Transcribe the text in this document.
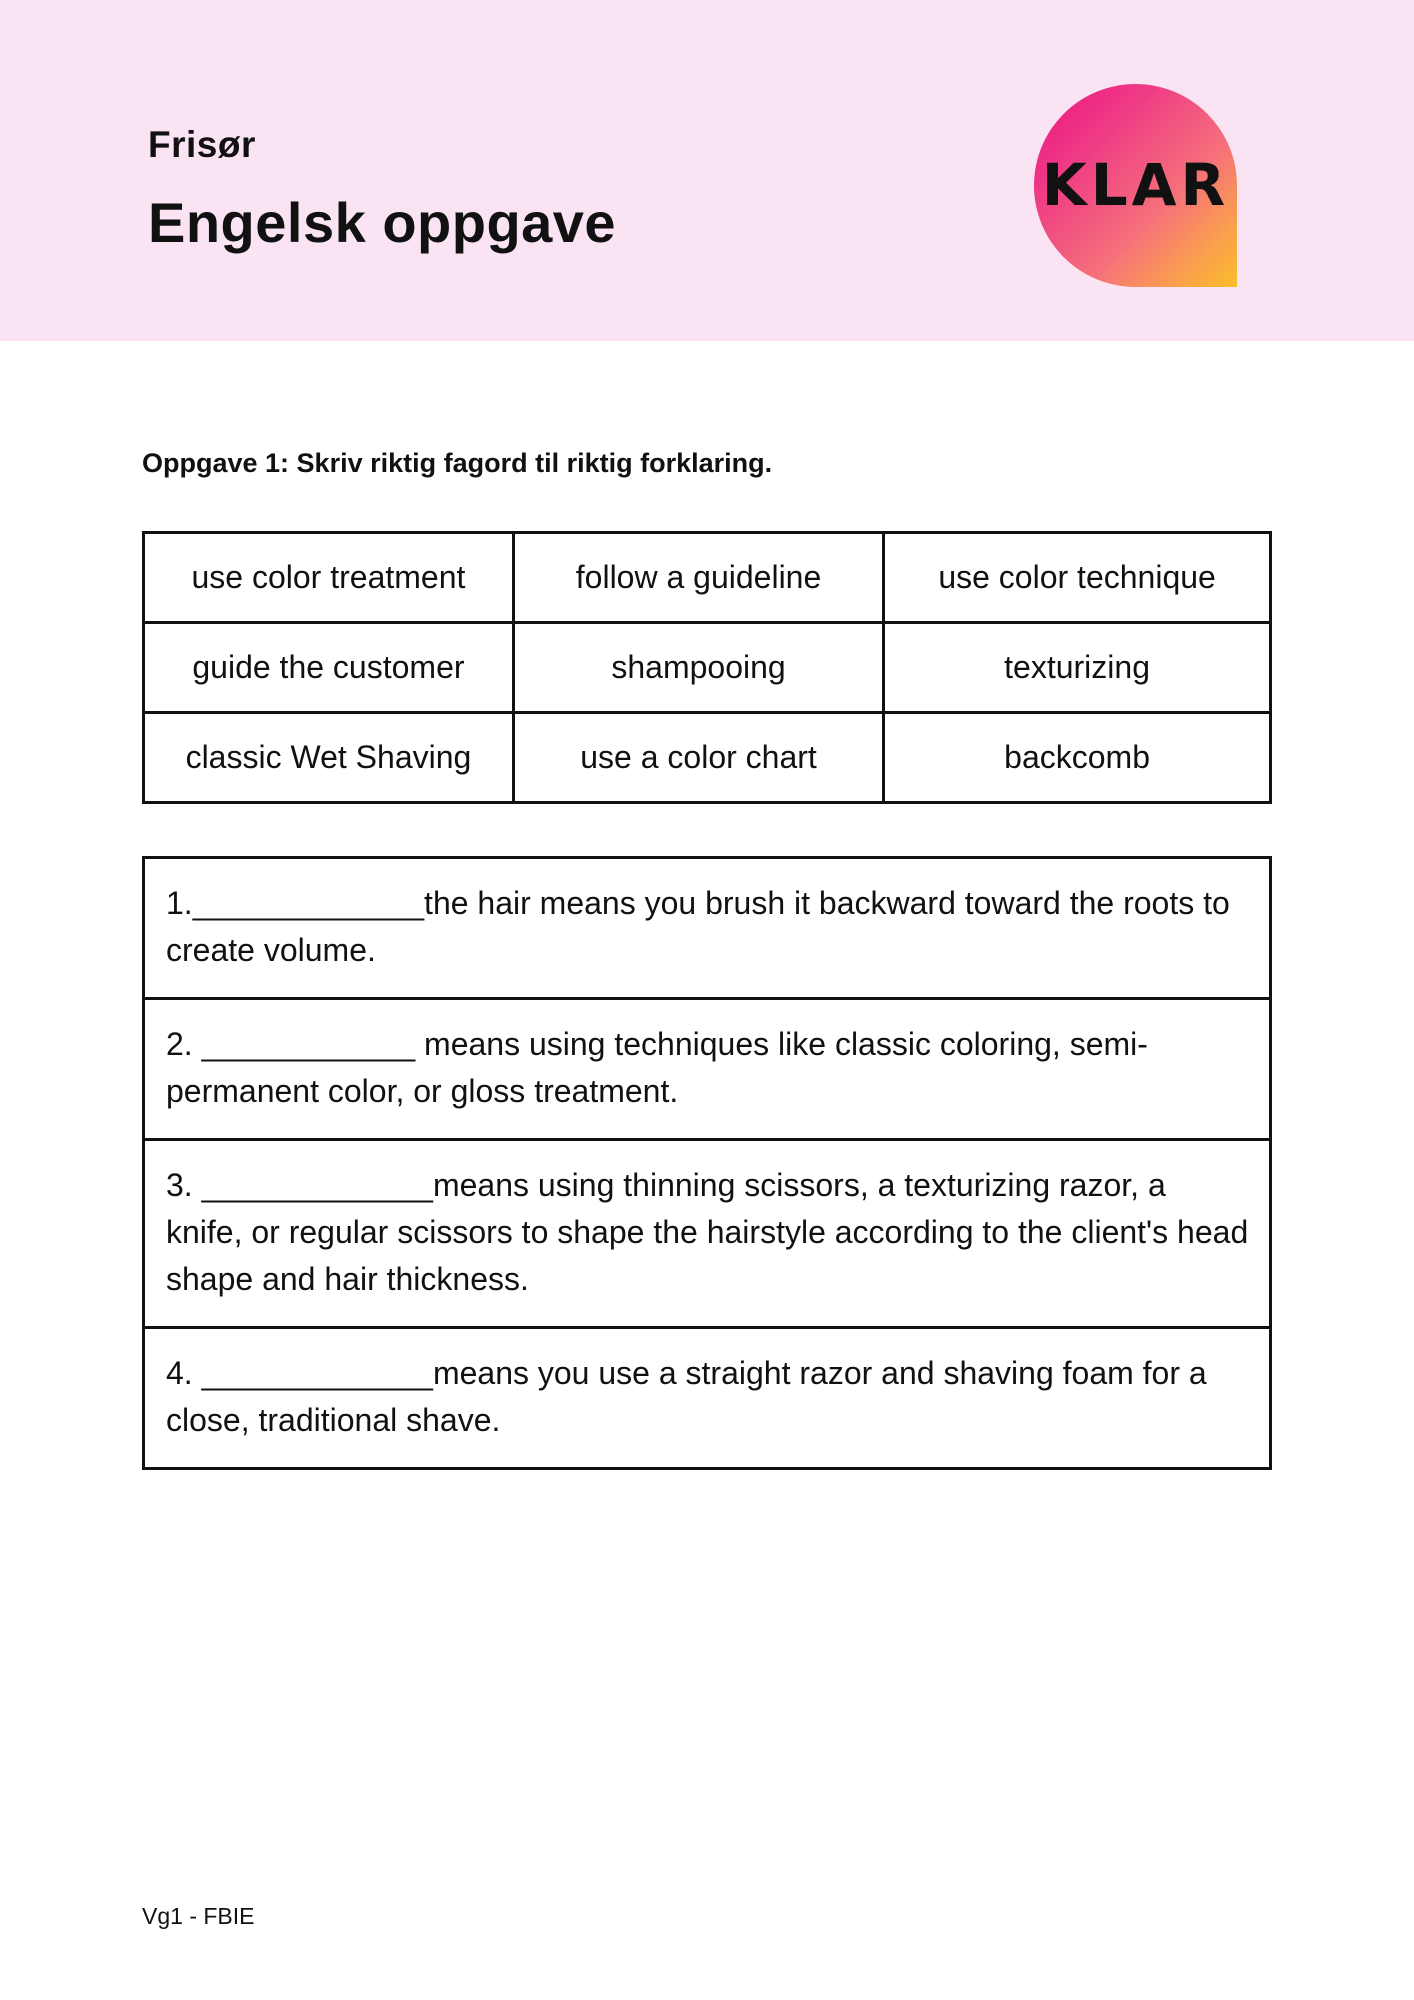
Frisør
Engelsk oppgave
KLAR
Oppgave 1: Skriv riktig fagord til riktig forklaring.
use color treatment	follow a guideline	use color technique
guide the customer	shampooing	texturizing
classic Wet Shaving	use a color chart	backcomb
1._____________the hair means you brush it backward toward the roots to create volume.
2. ____________ means using techniques like classic coloring, semi-permanent color, or gloss treatment.
3. _____________means using thinning scissors, a texturizing razor, a knife, or regular scissors to shape the hairstyle according to the client's head shape and hair thickness.
4. _____________means you use a straight razor and shaving foam for a close, traditional shave.
Vg1 - FBIE
